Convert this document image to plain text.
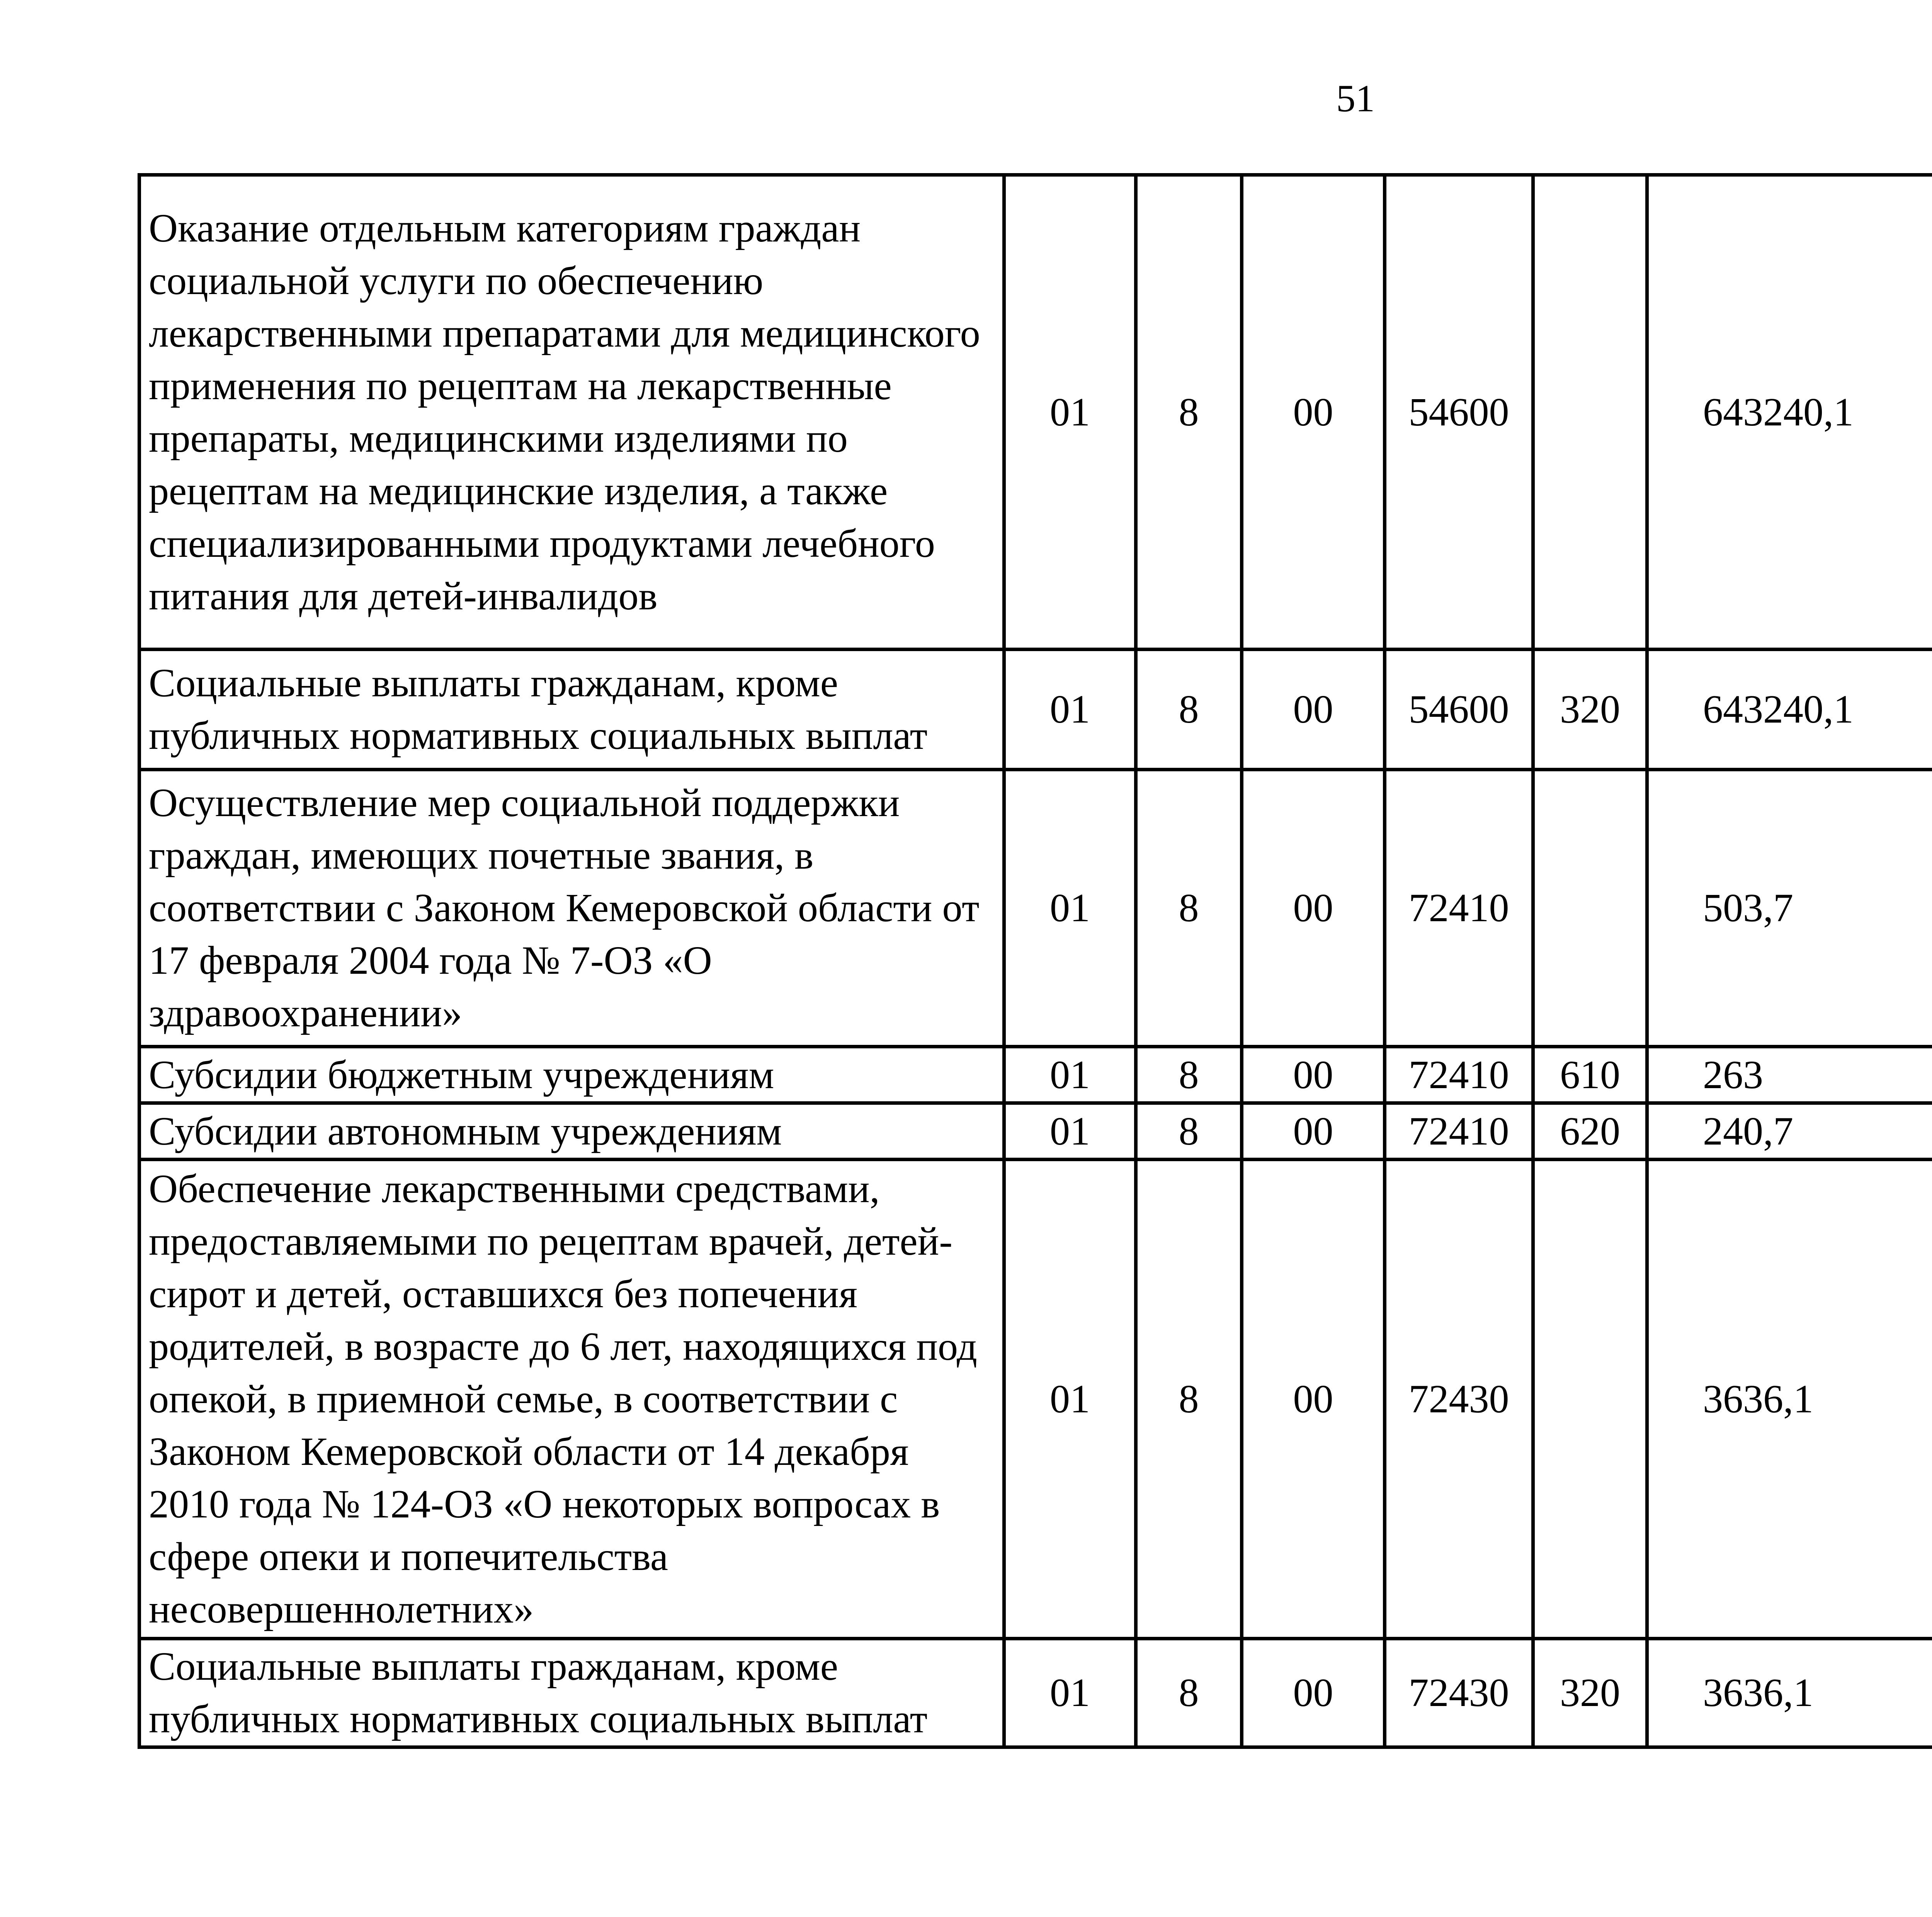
51
Оказание отдельным категориям граждан социальной услуги по обеспечению лекарственными препаратами для медицинского применения по рецептам на лекарственные препараты, медицинскими изделиями по рецептам на медицинские изделия, а также специализированными продуктами лечебного питания для детей-инвалидов	01	8	00	54600		643240,1		
Социальные выплаты гражданам, кроме публичных нормативных социальных выплат	01	8	00	54600	320	643240,1		
Осуществление мер социальной поддержки граждан, имеющих почетные звания, в соответствии с Законом Кемеровской области от 17 февраля 2004 года № 7-ОЗ «О здравоохранении»	01	8	00	72410		503,7		
Субсидии бюджетным учреждениям	01	8	00	72410	610	263		
Субсидии автономным учреждениям	01	8	00	72410	620	240,7		
Обеспечение лекарственными средствами, предоставляемыми по рецептам врачей, детей-сирот и детей, оставшихся без попечения родителей, в возрасте до 6 лет, находящихся под опекой, в приемной семье, в соответствии с Законом Кемеровской области от 14 декабря 2010 года № 124-ОЗ «О некоторых вопросах в сфере опеки и попечительства несовершеннолетних»	01	8	00	72430		3636,1		
Социальные выплаты гражданам, кроме публичных нормативных социальных выплат	01	8	00	72430	320	3636,1		
